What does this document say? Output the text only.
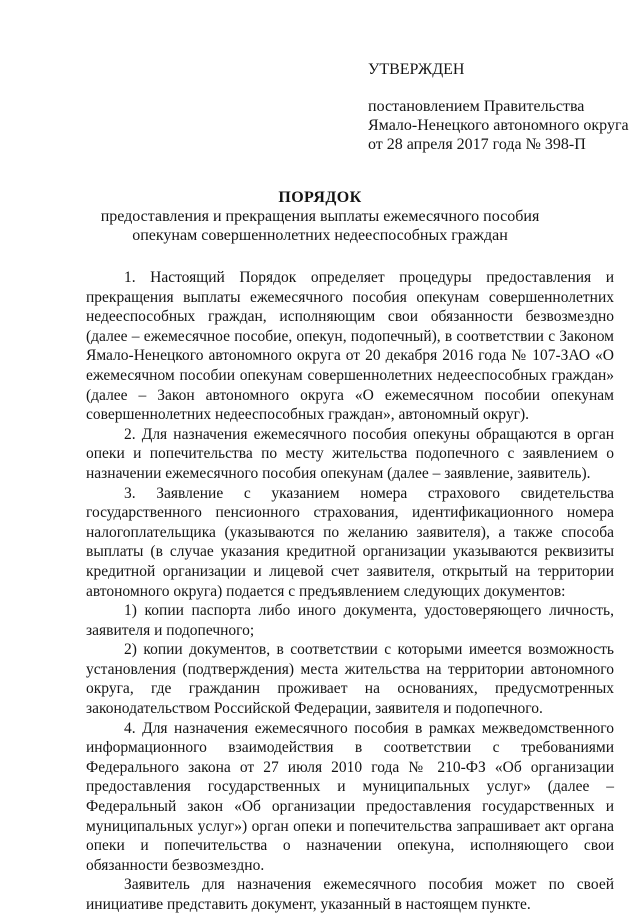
УТВЕРЖДЕН
постановлением Правительства
Ямало-Ненецкого автономного округа
от 28 апреля 2017 года № 398-П
ПОРЯДОК
предоставления и прекращения выплаты ежемесячного пособия
опекунам совершеннолетних недееспособных граждан

1. Настоящий Порядок определяет процедуры предоставления и прекращения выплаты ежемесячного пособия опекунам совершеннолетних недееспособных граждан, исполняющим свои обязанности безвозмездно (далее – ежемесячное пособие, опекун, подопечный), в соответствии с Законом Ямало-Ненецкого автономного округа от 20 декабря 2016 года № 107-ЗАО «О ежемесячном пособии опекунам совершеннолетних недееспособных граждан» (далее – Закон автономного округа «О ежемесячном пособии опекунам совершеннолетних недееспособных граждан», автономный округ).

2. Для назначения ежемесячного пособия опекуны обращаются в орган опеки и попечительства по месту жительства подопечного с заявлением о назначении ежемесячного пособия опекунам (далее – заявление, заявитель).

3. Заявление с указанием номера страхового свидетельства государственного пенсионного страхования, идентификационного номера налогоплательщика (указываются по желанию заявителя), а также способа выплаты (в случае указания кредитной организации указываются реквизиты кредитной организации и лицевой счет заявителя, открытый на территории автономного округа) подается с предъявлением следующих документов:

1) копии паспорта либо иного документа, удостоверяющего личность, заявителя и подопечного;

2) копии документов, в соответствии с которыми имеется возможность установления (подтверждения) места жительства на территории автономного округа, где гражданин проживает на основаниях, предусмотренных законодательством Российской Федерации, заявителя и подопечного.

4. Для назначения ежемесячного пособия в рамках межведомственного информационного взаимодействия в соответствии с требованиями Федерального закона от 27 июля 2010 года № 210-ФЗ «Об организации предоставления государственных и муниципальных услуг» (далее – Федеральный закон «Об организации предоставления государственных и муниципальных услуг») орган опеки и попечительства запрашивает акт органа опеки и попечительства о назначении опекуна, исполняющего свои обязанности безвозмездно.

Заявитель для назначения ежемесячного пособия может по своей инициативе представить документ, указанный в настоящем пункте.
